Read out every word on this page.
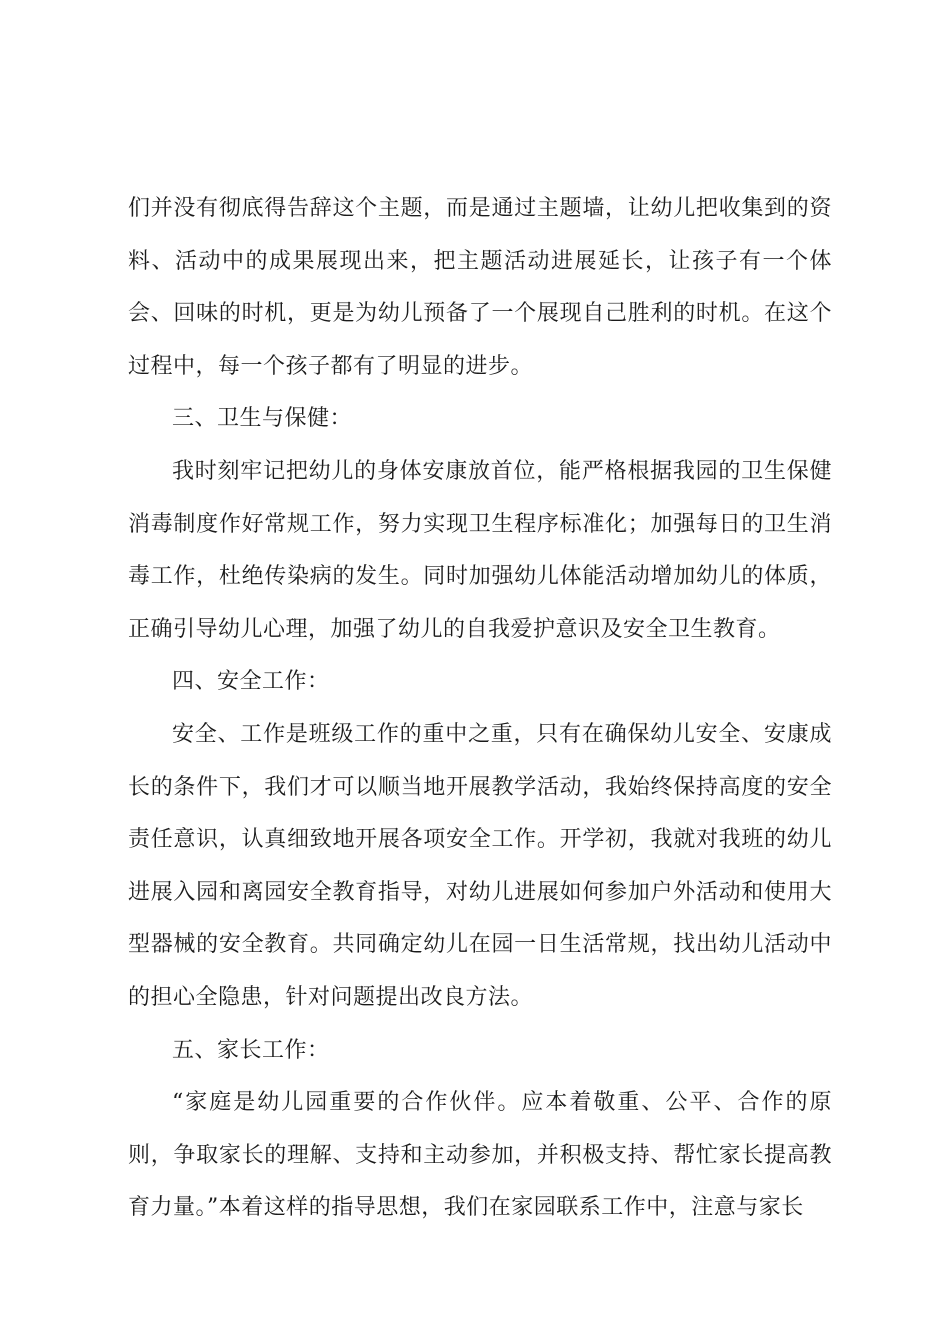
们并没有彻底得告辞这个主题，而是通过主题墙，让幼儿把收集到的资料、活动中的成果展现出来，把主题活动进展延长，让孩子有一个体会、回味的时机，更是为幼儿预备了一个展现自己胜利的时机。在这个过程中，每一个孩子都有了明显的进步。

三、卫生与保健：

我时刻牢记把幼儿的身体安康放首位，能严格根据我园的卫生保健消毒制度作好常规工作，努力实现卫生程序标准化；加强每日的卫生消毒工作，杜绝传染病的发生。同时加强幼儿体能活动增加幼儿的体质，正确引导幼儿心理，加强了幼儿的自我爱护意识及安全卫生教育。

四、安全工作：

安全、工作是班级工作的重中之重，只有在确保幼儿安全、安康成长的条件下，我们才可以顺当地开展教学活动，我始终保持高度的安全责任意识，认真细致地开展各项安全工作。开学初，我就对我班的幼儿进展入园和离园安全教育指导，对幼儿进展如何参加户外活动和使用大型器械的安全教育。共同确定幼儿在园一日生活常规，找出幼儿活动中的担心全隐患，针对问题提出改良方法。

五、家长工作：

“家庭是幼儿园重要的合作伙伴。应本着敬重、公平、合作的原则，争取家长的理解、支持和主动参加，并积极支持、帮忙家长提高教育力量。”本着这样的指导思想，我们在家园联系工作中，注意与家长
